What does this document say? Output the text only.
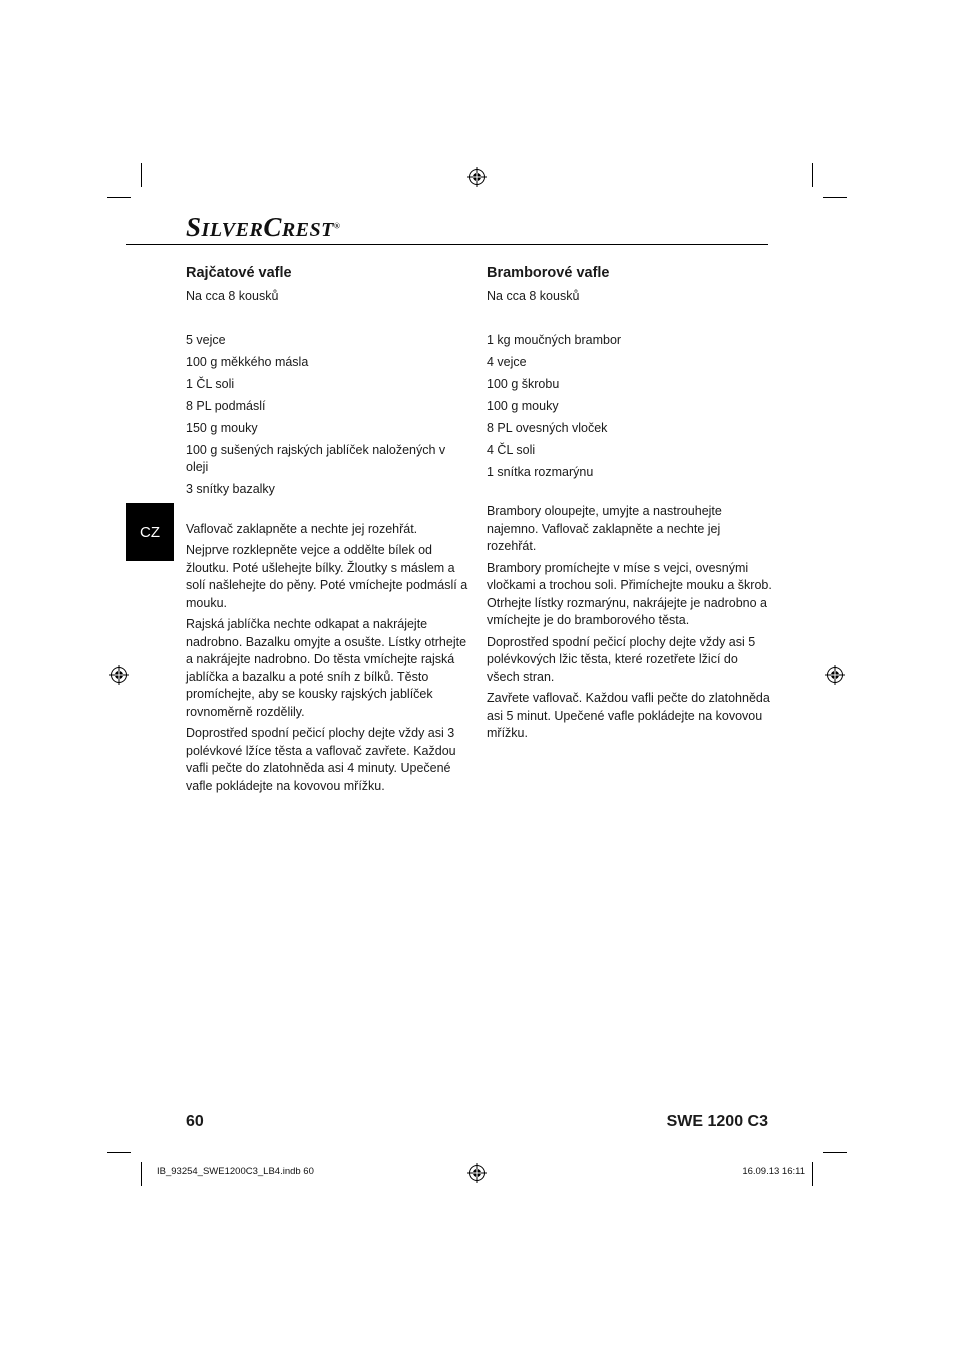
SILVERCREST®
CZ
Rajčatové vafle

Na cca 8 kousků

5 vejce

100 g měkkého másla

1 ČL soli

8 PL podmáslí

150 g mouky

100 g sušených rajských jablíček naložených v oleji

3 snítky bazalky

Vaflovač zaklapněte a nechte jej rozehřát.

Nejprve rozklepněte vejce a oddělte bílek od žloutku. Poté ušlehejte bílky. Žloutky s máslem a solí našlehejte do pěny. Poté vmíchejte podmáslí a mouku.

Rajská jablíčka nechte odkapat a nakrájejte nadrobno. Bazalku omyjte a osušte. Lístky otrhejte a nakrájejte nadrobno. Do těsta vmíchejte rajská jablíčka a bazalku a poté sníh z bílků. Těsto promíchejte, aby se kousky rajských jablíček rovnoměrně rozdělily.

Doprostřed spodní pečicí plochy dejte vždy asi 3 polévkové lžíce těsta a vaflovač zavřete. Každou vafli pečte do zlatohněda asi 4 minuty. Upečené vafle pokládejte na kovovou mřížku.

Bramborové vafle

Na cca 8 kousků

1 kg moučných brambor

4 vejce

100 g škrobu

100 g mouky

8 PL ovesných vloček

4 ČL soli

1 snítka rozmarýnu

Brambory oloupejte, umyjte a nastrouhejte najemno. Vaflovač zaklapněte a nechte jej rozehřát.

Brambory promíchejte v míse s vejci, ovesnými vločkami a trochou soli. Přimíchejte mouku a škrob. Otrhejte lístky rozmarýnu, nakrájejte je nadrobno a vmíchejte je do bramborového těsta.

Doprostřed spodní pečicí plochy dejte vždy asi 5 polévkových lžic těsta, které rozetřete lžicí do všech stran.

Zavřete vaflovač. Každou vafli pečte do zlatohněda asi 5 minut. Upečené vafle pokládejte na kovovou mřížku.

60	SWE 1200 C3
IB_93254_SWE1200C3_LB4.indb 60	16.09.13 16:11
